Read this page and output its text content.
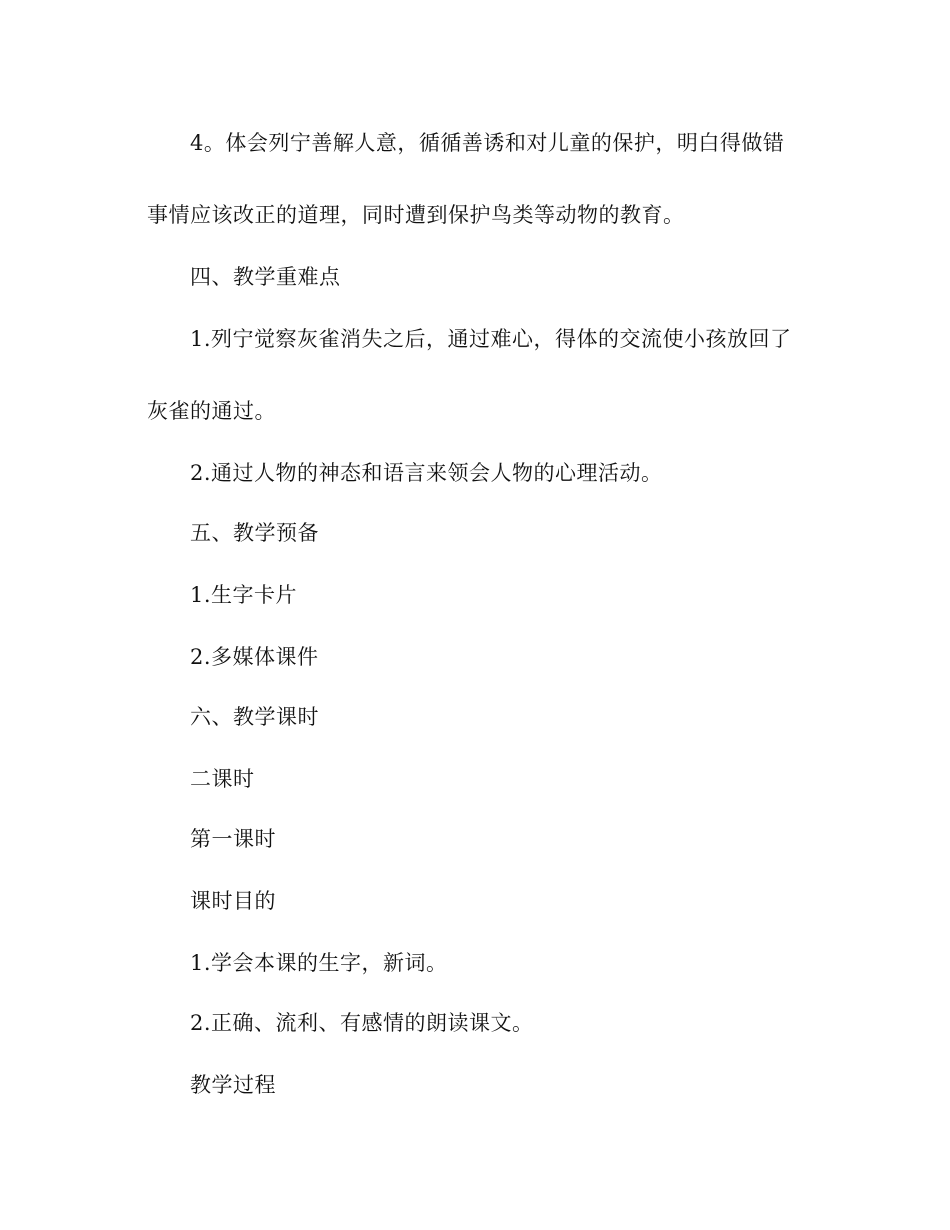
4。体会列宁善解人意，循循善诱和对儿童的保护，明白得做错
事情应该改正的道理，同时遭到保护鸟类等动物的教育。
四、教学重难点
1.列宁觉察灰雀消失之后，通过难心，得体的交流使小孩放回了
灰雀的通过。
2.通过人物的神态和语言来领会人物的心理活动。
五、教学预备
1.生字卡片
2.多媒体课件
六、教学课时
二课时
第一课时
课时目的
1.学会本课的生字，新词。
2.正确、流利、有感情的朗读课文。
教学过程
